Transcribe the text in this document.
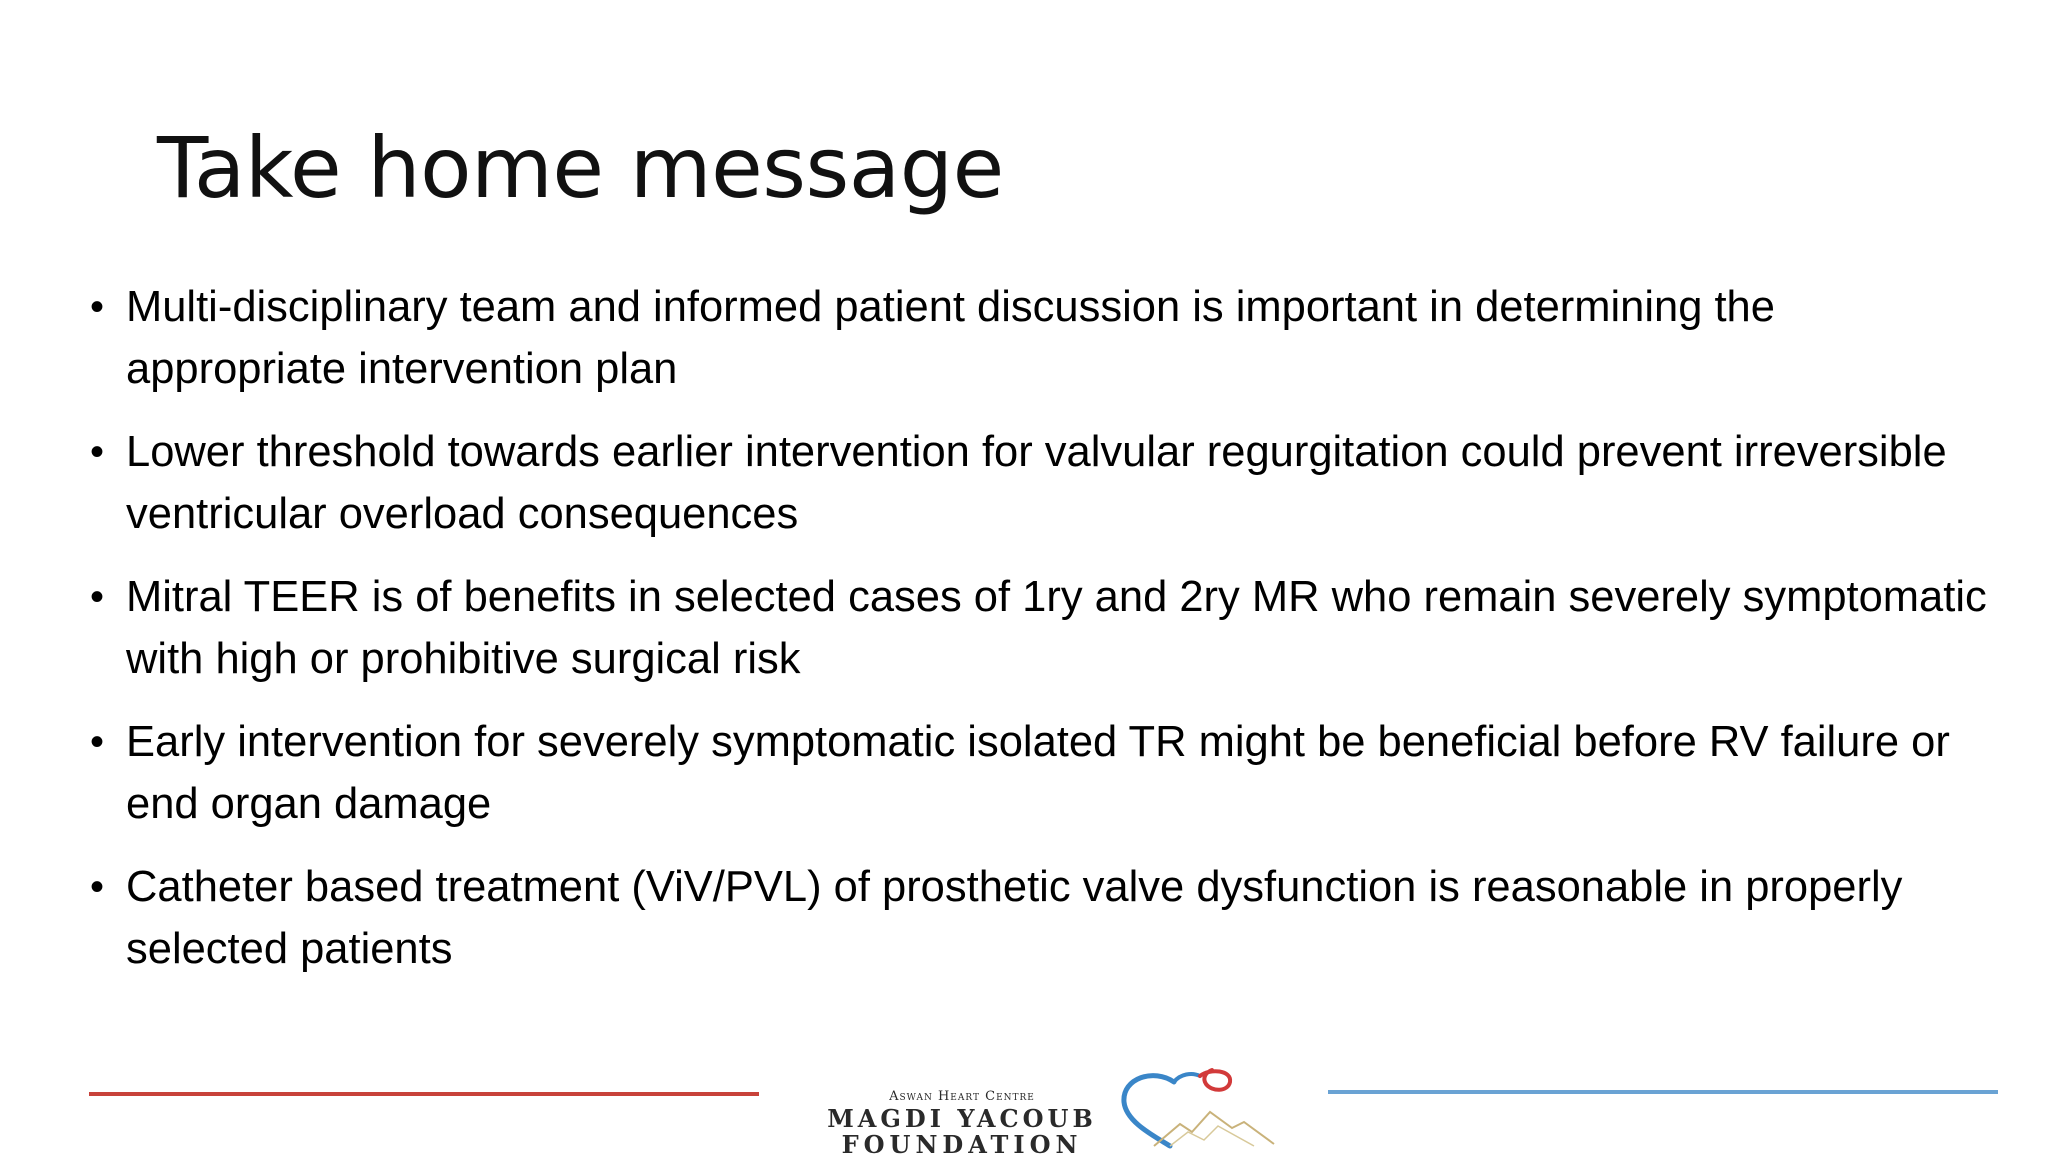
Take home message
• Multi-disciplinary team and informed patient discussion is important in determining the appropriate intervention plan
• Lower threshold towards earlier intervention for valvular regurgitation could prevent irreversible ventricular overload consequences
• Mitral TEER is of benefits in selected cases of 1ry and 2ry MR who remain severely symptomatic with high or prohibitive surgical risk
• Early intervention for severely symptomatic isolated TR might be beneficial before RV failure or end organ damage
• Catheter based treatment (ViV/PVL) of prosthetic valve dysfunction is reasonable in properly selected patients
Aswan Heart Centre
MAGDI YACOUB
FOUNDATION
